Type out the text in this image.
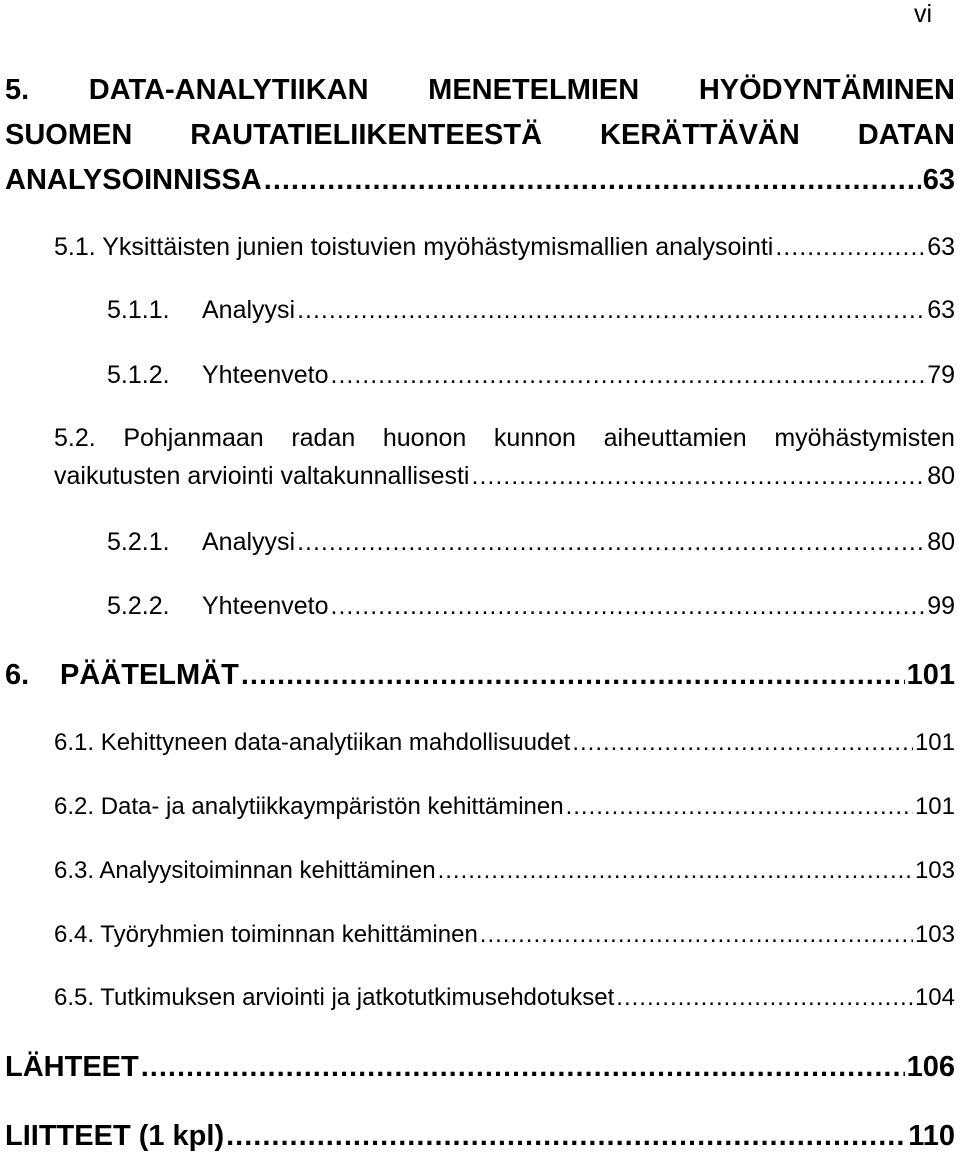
vi
5. DATA-ANALYTIIKAN MENETELMIEN HYÖDYNTÄMINEN
SUOMEN RAUTATIELIIKENTEESTÄ KERÄTTÄVÄN DATAN
ANALYSOINNISSA .....	63
5.1. Yksittäisten junien toistuvien myöhästymismallien analysointi .....	63
5.1.1. Analyysi .....	63
5.1.2. Yhteenveto .....	79
5.2. Pohjanmaan radan huonon kunnon aiheuttamien myöhästymisten
vaikutusten arviointi valtakunnallisesti .....	80
5.2.1. Analyysi .....	80
5.2.2. Yhteenveto .....	99
6. PÄÄTELMÄT .....	101
6.1. Kehittyneen data-analytiikan mahdollisuudet .....	101
6.2. Data- ja analytiikkaympäristön kehittäminen .....	101
6.3. Analyysitoiminnan kehittäminen .....	103
6.4. Työryhmien toiminnan kehittäminen .....	103
6.5. Tutkimuksen arviointi ja jatkotutkimusehdotukset .....	104
LÄHTEET .....	106
LIITTEET (1 kpl) .....	110
